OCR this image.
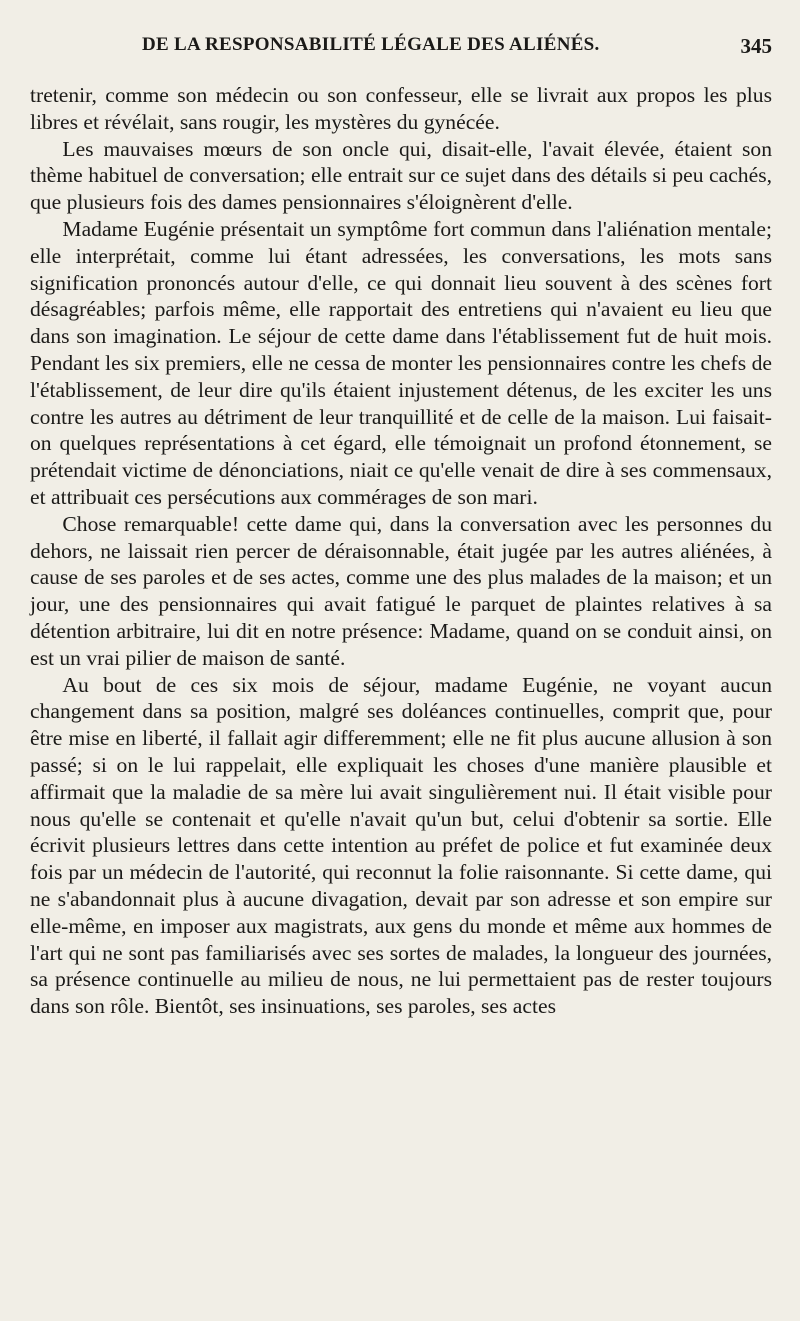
DE LA RESPONSABILITÉ LÉGALE DES ALIÉNÉS.	345

tretenir, comme son médecin ou son confesseur, elle se livrait aux propos les plus libres et révélait, sans rougir, les mystères du gynécée.

Les mauvaises mœurs de son oncle qui, disait-elle, l'avait élevée, étaient son thème habituel de conversation; elle entrait sur ce sujet dans des détails si peu cachés, que plusieurs fois des dames pensionnaires s'éloignèrent d'elle.

Madame Eugénie présentait un symptôme fort commun dans l'aliénation mentale; elle interprétait, comme lui étant adressées, les conversations, les mots sans signification prononcés autour d'elle, ce qui donnait lieu souvent à des scènes fort désagréables; parfois même, elle rapportait des entretiens qui n'avaient eu lieu que dans son imagination. Le séjour de cette dame dans l'établissement fut de huit mois. Pendant les six premiers, elle ne cessa de monter les pensionnaires contre les chefs de l'établissement, de leur dire qu'ils étaient injustement détenus, de les exciter les uns contre les autres au détriment de leur tranquillité et de celle de la maison. Lui faisait-on quelques représentations à cet égard, elle témoignait un profond étonnement, se prétendait victime de dénonciations, niait ce qu'elle venait de dire à ses commensaux, et attribuait ces persécutions aux commérages de son mari.

Chose remarquable! cette dame qui, dans la conversation avec les personnes du dehors, ne laissait rien percer de déraisonnable, était jugée par les autres aliénées, à cause de ses paroles et de ses actes, comme une des plus malades de la maison; et un jour, une des pensionnaires qui avait fatigué le parquet de plaintes relatives à sa détention arbitraire, lui dit en notre présence: Madame, quand on se conduit ainsi, on est un vrai pilier de maison de santé.

Au bout de ces six mois de séjour, madame Eugénie, ne voyant aucun changement dans sa position, malgré ses doléances continuelles, comprit que, pour être mise en liberté, il fallait agir differemment; elle ne fit plus aucune allusion à son passé; si on le lui rappelait, elle expliquait les choses d'une manière plausible et affirmait que la maladie de sa mère lui avait singulièrement nui. Il était visible pour nous qu'elle se contenait et qu'elle n'avait qu'un but, celui d'obtenir sa sortie. Elle écrivit plusieurs lettres dans cette intention au préfet de police et fut examinée deux fois par un médecin de l'autorité, qui reconnut la folie raisonnante. Si cette dame, qui ne s'abandonnait plus à aucune divagation, devait par son adresse et son empire sur elle-même, en imposer aux magistrats, aux gens du monde et même aux hommes de l'art qui ne sont pas familiarisés avec ses sortes de malades, la longueur des journées, sa présence continuelle au milieu de nous, ne lui permettaient pas de rester toujours dans son rôle. Bientôt, ses insinuations, ses paroles, ses actes
